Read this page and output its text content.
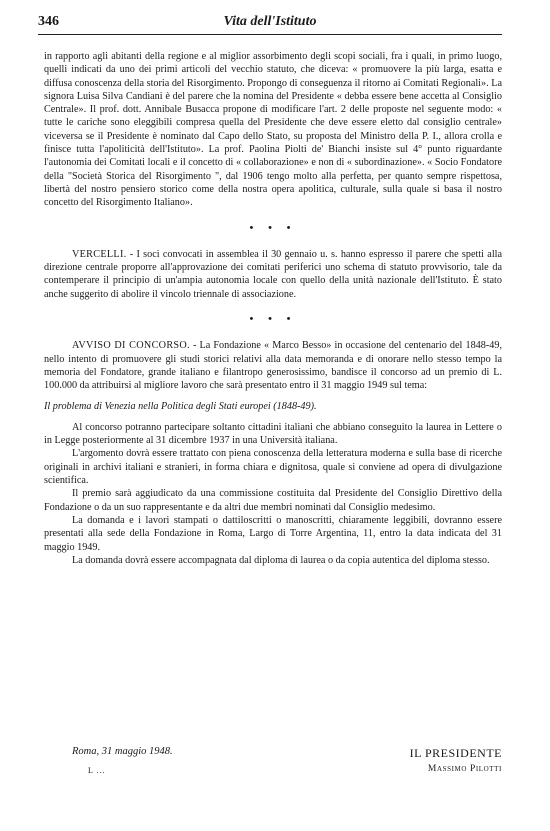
346	Vita dell'Istituto

in rapporto agli abitanti della regione e al miglior assorbimento degli scopi sociali, fra i quali, in primo luogo, quelli indicati da uno dei primi articoli del vecchio statuto, che diceva: « promuovere la più larga, esatta e diffusa conoscenza della storia del Risorgimento. Propongo di conseguenza il ritorno ai Comitati Regionali». La signora Luisa Silva Candiani è del parere che la nomina del Presidente « debba essere bene accetta al Consiglio Centrale». Il prof. dott. Annibale Busacca propone di modificare l'art. 2 delle proposte nel seguente modo: « tutte le cariche sono eleggibili compresa quella del Presidente che deve essere eletto dal consiglio centrale» viceversa se il Presidente è nominato dal Capo dello Stato, su proposta del Ministro della P. I., allora crolla e finisce tutta l'apoliticità dell'Istituto». La prof. Paolina Piolti de' Bianchi insiste sul 4° punto riguardante l'autonomia dei Comitati locali e il concetto di « collaborazione» e non di « subordinazione». « Socio Fondatore della "Società Storica del Risorgimento ", dal 1906 tengo molto alla perfetta, per quanto sempre rispettosa, libertà del nostro pensiero storico come della nostra opera apolitica, culturale, sulla quale si basa il nostro concetto del Risorgimento Italiano».

• • •

VERCELLI. - I soci convocati in assemblea il 30 gennaio u. s. hanno espresso il parere che spetti alla direzione centrale proporre all'approvazione dei comitati periferici uno schema di statuto provvisorio, tale da contemperare il principio di un'ampia autonomia locale con quello della unità nazionale dell'Istituto. È stato anche suggerito di abolire il vincolo triennale di associazione.

• • •

AVVISO DI CONCORSO. - La Fondazione « Marco Besso» in occasione del centenario del 1848-49, nello intento di promuovere gli studi storici relativi alla data memoranda e di onorare nello stesso tempo la memoria del Fondatore, grande italiano e filantropo generosissimo, bandisce il concorso ad un premio di L. 100.000 da attribuirsi al migliore lavoro che sarà presentato entro il 31 maggio 1949 sul tema:

Il problema di Venezia nella Politica degli Stati europei (1848-49).

Al concorso potranno partecipare soltanto cittadini italiani che abbiano conseguito la laurea in Lettere o in Legge posteriormente al 31 dicembre 1937 in una Università italiana.

L'argomento dovrà essere trattato con piena conoscenza della letteratura moderna e sulla base di ricerche originali in archivi italiani e stranieri, in forma chiara e dignitosa, quale si conviene ad opera di divulgazione scientifica.

Il premio sarà aggiudicato da una commissione costituita dal Presidente del Consiglio Direttivo della Fondazione o da un suo rappresentante e da altri due membri nominati dal Consiglio medesimo.

La domanda e i lavori stampati o dattiloscritti o manoscritti, chiaramente leggibili, dovranno essere presentati alla sede della Fondazione in Roma, Largo di Torre Argentina, 11, entro la data indicata del 31 maggio 1949.

La domanda dovrà essere accompagnata dal diploma di laurea o da copia autentica del diploma stesso.

Roma, 31 maggio 1948.
L ...
IL PRESIDENTE
Massimo Pilotti
